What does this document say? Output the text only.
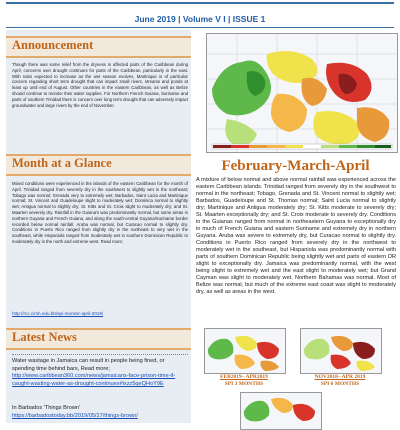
June 2019 | Volume V I | ISSUE 1
Announcement
Though there was some relief from the dryness in affected parts of the Caribbean during April, concerns over drought continues for parts of the Caribbean, particularly in the east. With rains expected to increase as the wet season evolves, Martinique is of particular concern regarding short term drought that can impact small rivers, streams and ponds at least up until end of August. Other countries in the eastern Caribbean, as well as Belize should continue to monitor their water supplies. For Northern French Guiana, Suriname and parts of southern Trinidad there is concern over long term drought that can adversely impact groundwater and large rivers by the end of November.
Month at a Glance
Mixed conditions were experienced in the islands of the eastern Caribbean for the month of April. Trinidad ranged from severely dry in the southwest to slightly wet in the northeast; Tobago was normal; Grenada very to extremely wet; Barbados, Saint Lucia and Martinique normal; St. Vincent and Guadeloupe slight to moderately wet; Dominica normal to slightly wet; Antigua normal to slightly dry; St. Kitts and St. Croix slight to moderately dry; and St. Maarten severely dry. Rainfall in the Guiana's was predominantly normal, but some areas in northern Guyana and French Guiana, and along the south-central Guyana/Suriname border recorded below normal rainfall. Aruba was normal, but Curacao normal to slightly dry. Conditions in Puerto Rico ranged from slightly dry in the northeast to very wet in the southeast, while Hispaniola ranged from moderately wet in southern Dominican Republic to moderately dry in the north and extreme west. Read more;
http://rcc.cimh.edu.bb/spi-monitor-april-2019/
Latest News
Water wastage in Jamaica can result in people being fined, or spending time behind bars, Read more; http://www.caribbean360.com/news/jamaicans-face-prison-time-if-caught-wasting-water-as-drought-continues#ixzz5qeQHoY9E
In Barbados 'Things Brown'
https://barbadostoday.bb/2019/05/27/things-brown/
February-March-April
A mixture of below normal and above normal rainfall was experienced across the eastern Caribbean islands. Trinidad ranged from severely dry in the southwest to normal in the northeast; Tobago, Grenada and St. Vincent normal to slightly wet; Barbados, Guadeloupe and St. Thomas normal; Saint Lucia normal to slightly dry; Martinique and Antigua moderately dry; St. Kitts moderate to severely dry; St. Maarten exceptionally dry; and St. Croix moderate to severely dry. Conditions in the Guianas ranged from normal in northeastern Guyana to exceptionally dry in much of French Guiana and eastern Suriname and extremely dry in northern Guyana. Aruba was severe to extremely dry, but Curacao normal to slightly dry. Conditions in Puerto Rico ranged from severely dry in the northwest to moderately wet in the southeast, but Hispaniola was predominantly normal with parts of southern Dominican Republic being slightly wet and parts of eastern DR slight to exceptionally dry. Jamaica was predominantly normal, with the west being slight to extremely wet and the east slight to moderately wet; but Grand Cayman was slight to moderately wet. Northern Bahamas was normal. Most of Belize was normal, but much of the extreme east coast was slight to moderately dry, as well as areas in the west.
FEB2019– APR2019
SPI 3 MONTHS
NOV2018– APR 2019
SPI 6 MONTHS
